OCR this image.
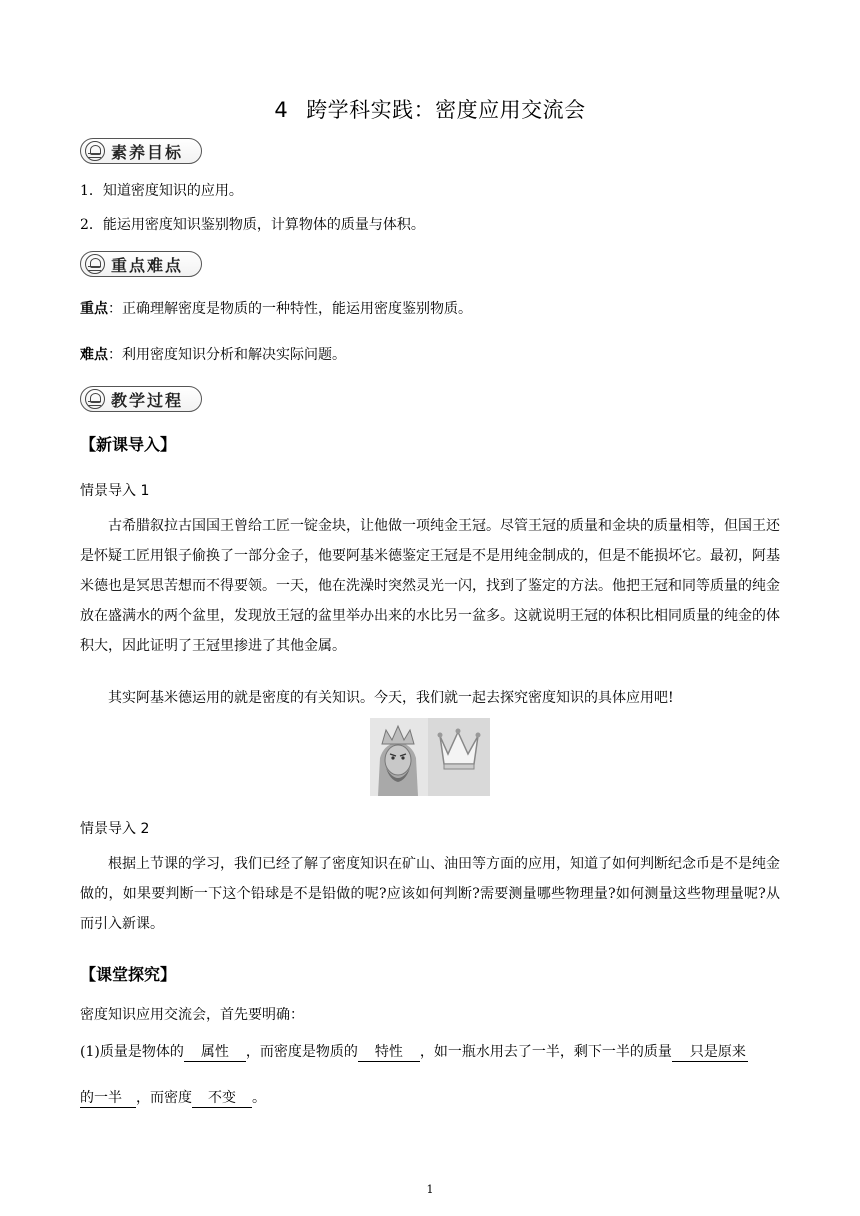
4 跨学科实践：密度应用交流会
素养目标
1．知道密度知识的应用。
2．能运用密度知识鉴别物质，计算物体的质量与体积。
重点难点
重点：正确理解密度是物质的一种特性，能运用密度鉴别物质。
难点：利用密度知识分析和解决实际问题。
教学过程
【新课导入】
情景导入 1
古希腊叙拉古国国王曾给工匠一锭金块，让他做一项纯金王冠。尽管王冠的质量和金块的质量相等，但国王还是怀疑工匠用银子偷换了一部分金子，他要阿基米德鉴定王冠是不是用纯金制成的，但是不能损坏它。最初，阿基米德也是冥思苦想而不得要领。一天，他在洗澡时突然灵光一闪，找到了鉴定的方法。他把王冠和同等质量的纯金放在盛满水的两个盆里，发现放王冠的盆里举办出来的水比另一盆多。这就说明王冠的体积比相同质量的纯金的体积大，因此证明了王冠里掺进了其他金属。
其实阿基米德运用的就是密度的有关知识。今天，我们就一起去探究密度知识的具体应用吧!
情景导入 2
根据上节课的学习，我们已经了解了密度知识在矿山、油田等方面的应用，知道了如何判断纪念币是不是纯金做的，如果要判断一下这个铅球是不是铅做的呢?应该如何判断?需要测量哪些物理量?如何测量这些物理量呢?从而引入新课。
【课堂探究】
密度知识应用交流会，首先要明确：
(1)质量是物体的 属性 ，而密度是物质的 特性 ，如一瓶水用去了一半，剩下一半的质量 只是原来
的一半 ，而密度 不变 。
1
